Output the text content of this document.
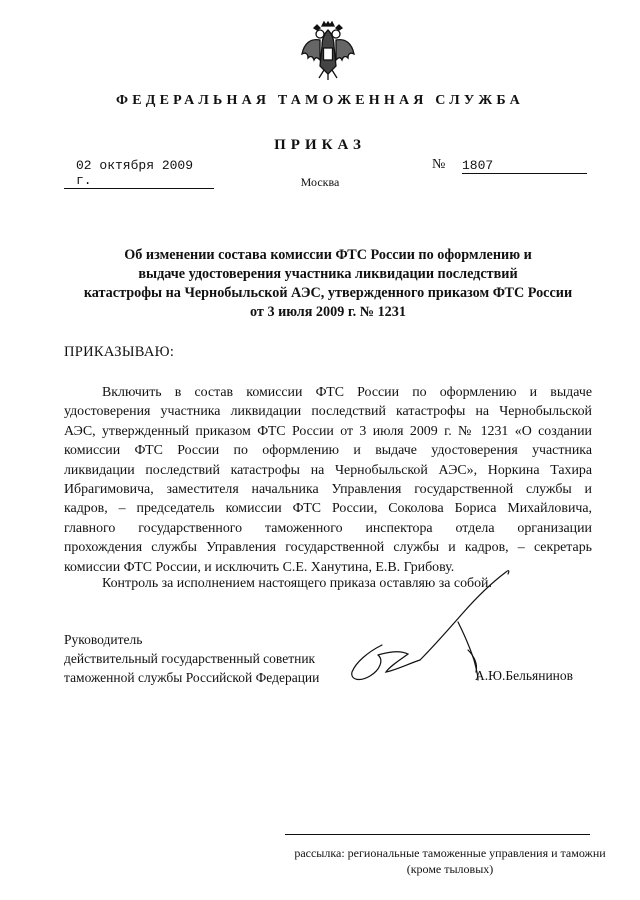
ФЕДЕРАЛЬНАЯ ТАМОЖЕННАЯ СЛУЖБА
ПРИКАЗ
02 октября 2009 г.
№ 1807
Москва
Об изменении состава комиссии ФТС России по оформлению и
выдаче удостоверения участника ликвидации последствий
катастрофы на Чернобыльской АЭС, утвержденного приказом ФТС России
от 3 июля 2009 г. № 1231
ПРИКАЗЫВАЮ:
Включить в состав комиссии ФТС России по оформлению и выдаче
удостоверения участника ликвидации последствий катастрофы на Чернобыльской
АЭС, утвержденный приказом ФТС России от 3 июля 2009 г. № 1231 «О создании
комиссии ФТС России по оформлению и выдаче удостоверения участника
ликвидации последствий катастрофы на Чернобыльской АЭС», Норкина Тахира
Ибрагимовича, заместителя начальника Управления государственной службы и
кадров, – председатель комиссии ФТС России, Соколова Бориса Михайловича,
главного государственного таможенного инспектора отдела организации
прохождения службы Управления государственной службы и кадров, – секретарь
комиссии ФТС России, и исключить С.Е. Ханутина, Е.В. Грибову.
Контроль за исполнением настоящего приказа оставляю за собой.
Руководитель
действительный государственный советник
таможенной службы Российской Федерации	А.Ю.Бельянинов
рассылка: региональные таможенные управления и таможни
(кроме тыловых)
